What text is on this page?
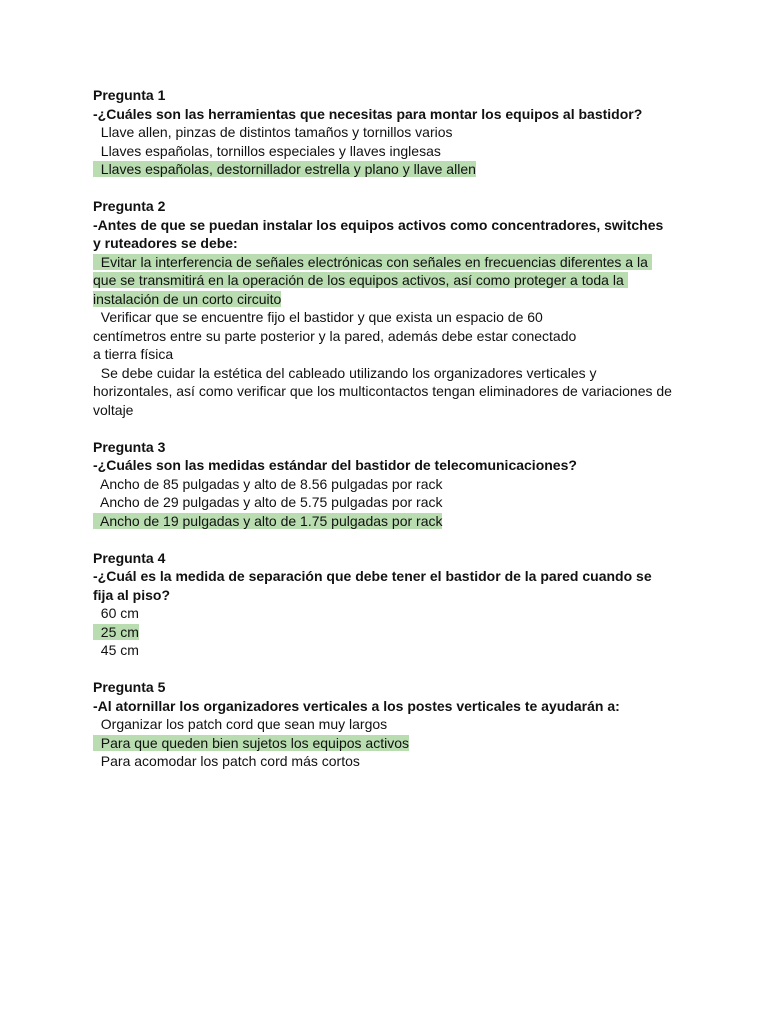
Pregunta 1
-¿Cuáles son las herramientas que necesitas para montar los equipos al bastidor?
Llave allen, pinzas de distintos tamaños y tornillos varios
Llaves españolas, tornillos especiales y llaves inglesas
Llaves españolas, destornillador estrella y plano y llave allen
Pregunta 2
-Antes de que se puedan instalar los equipos activos como concentradores, switches y ruteadores se debe:
Evitar la interferencia de señales electrónicas con señales en frecuencias diferentes a la que se transmitirá en la operación de los equipos activos, así como proteger a toda la instalación de un corto circuito
Verificar que se encuentre fijo el bastidor y que exista un espacio de 60
centímetros entre su parte posterior y la pared, además debe estar conectado
a tierra física
Se debe cuidar la estética del cableado utilizando los organizadores verticales y horizontales, así como verificar que los multicontactos tengan eliminadores de variaciones de voltaje
Pregunta 3
-¿Cuáles son las medidas estándar del bastidor de telecomunicaciones?
Ancho de 85 pulgadas y alto de 8.56 pulgadas por rack
Ancho de 29 pulgadas y alto de 5.75 pulgadas por rack
Ancho de 19 pulgadas y alto de 1.75 pulgadas por rack
Pregunta 4
-¿Cuál es la medida de separación que debe tener el bastidor de la pared cuando se fija al piso?
60 cm
25 cm
45 cm
Pregunta 5
-Al atornillar los organizadores verticales a los postes verticales te ayudarán a:
Organizar los patch cord que sean muy largos
Para que queden bien sujetos los equipos activos
Para acomodar los patch cord más cortos
